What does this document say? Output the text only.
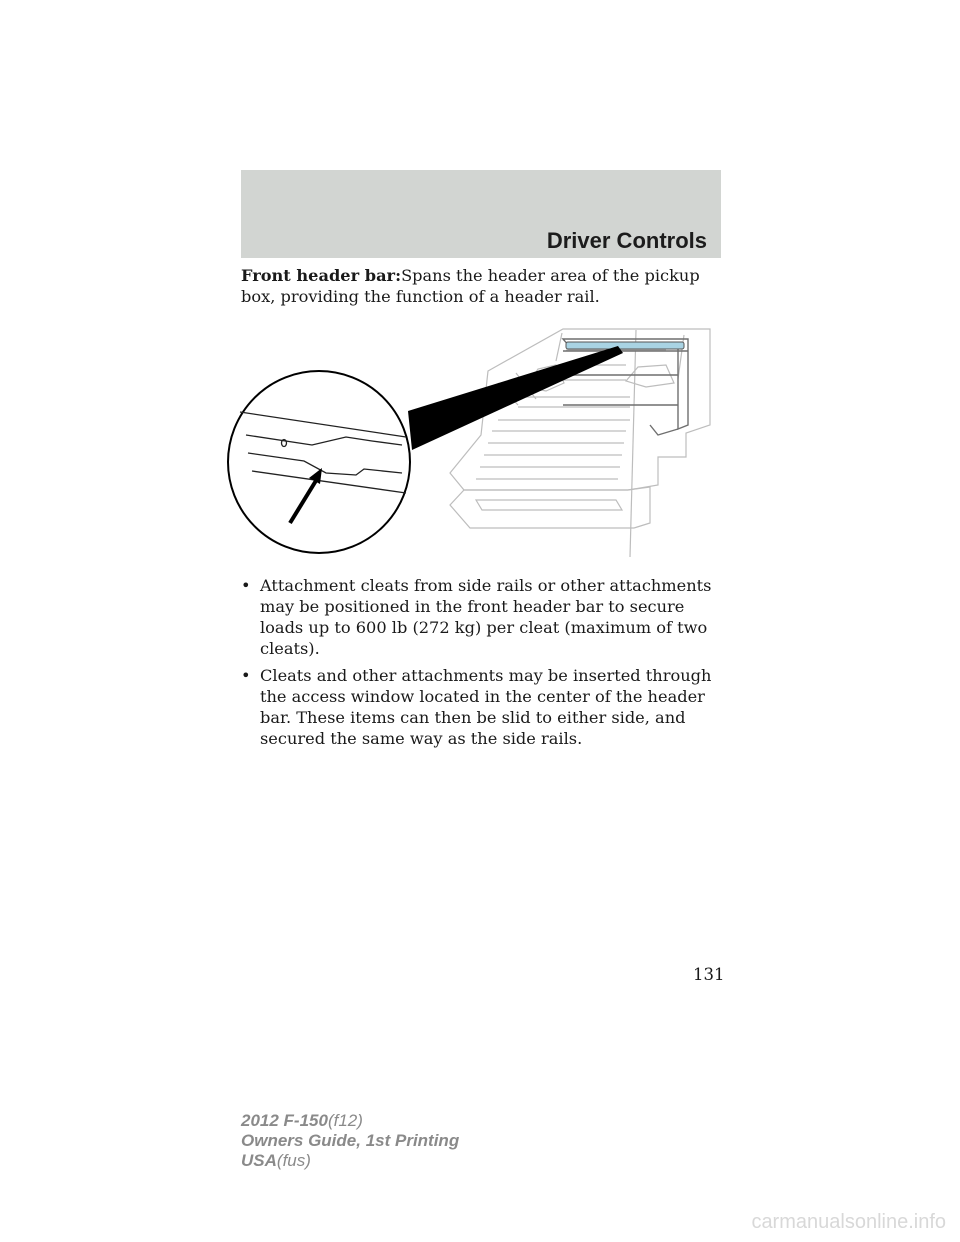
Driver Controls
Front header bar:Spans the header area of the pickup box, providing the function of a header rail.
• Attachment cleats from side rails or other attachments may be positioned in the front header bar to secure loads up to 600 lb (272 kg) per cleat (maximum of two cleats).
• Cleats and other attachments may be inserted through the access window located in the center of the header bar. These items can then be slid to either side, and secured the same way as the side rails.
131
2012 F-150(f12)
Owners Guide, 1st Printing
USA(fus)
carmanualsonline.info
